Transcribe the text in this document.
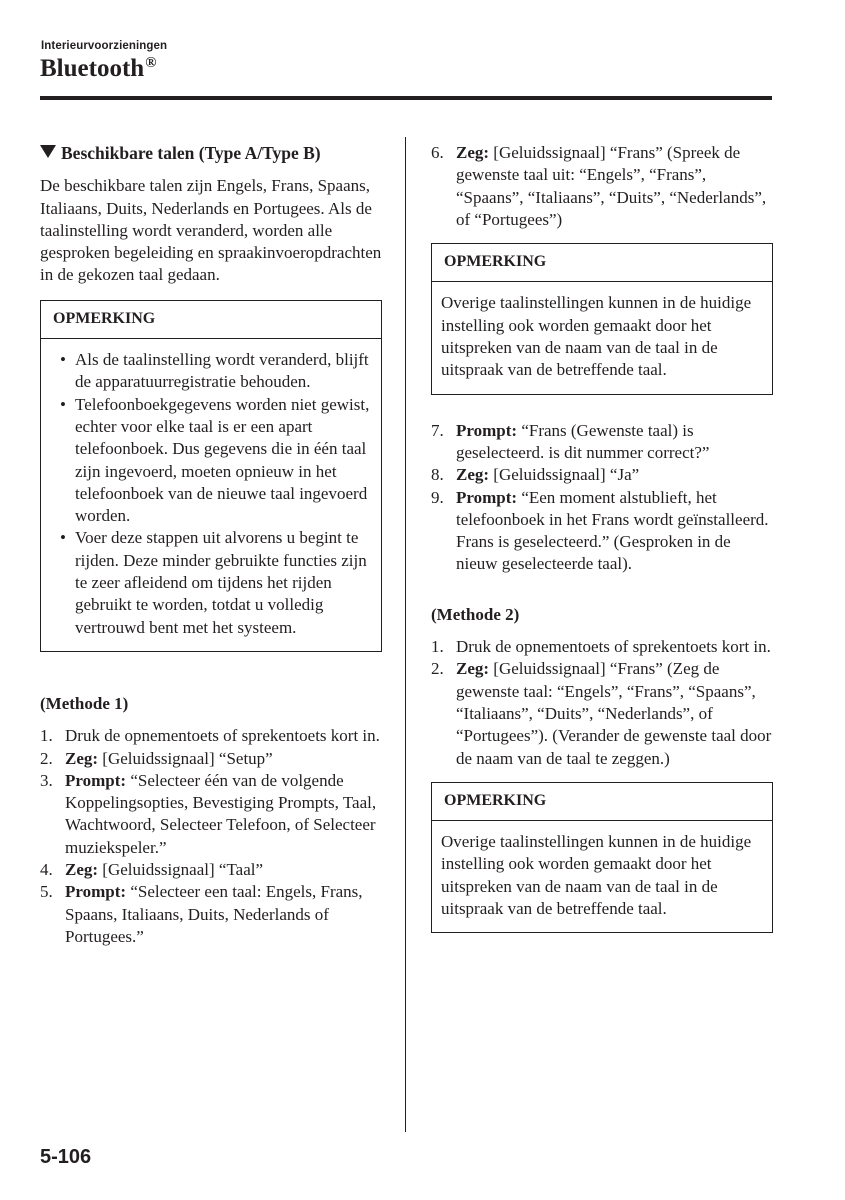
Interieurvoorzieningen
Bluetooth®
Beschikbare talen (Type A/Type B)

De beschikbare talen zijn Engels, Frans, Spaans, Italiaans, Duits, Nederlands en Portugees. Als de taalinstelling wordt veranderd, worden alle gesproken begeleiding en spraakinvoeropdrachten in de gekozen taal gedaan.

OPMERKING
• Als de taalinstelling wordt veranderd, blijft de apparatuurregistratie behouden.
• Telefoonboekgegevens worden niet gewist, echter voor elke taal is er een apart telefoonboek. Dus gegevens die in één taal zijn ingevoerd, moeten opnieuw in het telefoonboek van de nieuwe taal ingevoerd worden.
• Voer deze stappen uit alvorens u begint te rijden. Deze minder gebruikte functies zijn te zeer afleidend om tijdens het rijden gebruikt te worden, totdat u volledig vertrouwd bent met het systeem.
(Methode 1)
1. Druk de opnementoets of sprekentoets kort in.
2. Zeg: [Geluidssignaal] “Setup”
3. Prompt: “Selecteer één van de volgende Koppelingsopties, Bevestiging Prompts, Taal, Wachtwoord, Selecteer Telefoon, of Selecteer muziekspeler.”
4. Zeg: [Geluidssignaal] “Taal”
5. Prompt: “Selecteer een taal: Engels, Frans, Spaans, Italiaans, Duits, Nederlands of Portugees.”
6. Zeg: [Geluidssignaal] “Frans” (Spreek de gewenste taal uit: “Engels”, “Frans”, “Spaans”, “Italiaans”, “Duits”, “Nederlands”, of “Portugees”)
OPMERKING

Overige taalinstellingen kunnen in de huidige instelling ook worden gemaakt door het uitspreken van de naam van de taal in de uitspraak van de betreffende taal.

7. Prompt: “Frans (Gewenste taal) is geselecteerd. is dit nummer correct?”
8. Zeg: [Geluidssignaal] “Ja”
9. Prompt: “Een moment alstublieft, het telefoonboek in het Frans wordt geïnstalleerd. Frans is geselecteerd.” (Gesproken in de nieuw geselecteerde taal).
(Methode 2)
1. Druk de opnementoets of sprekentoets kort in.
2. Zeg: [Geluidssignaal] “Frans” (Zeg de gewenste taal: “Engels”, “Frans”, “Spaans”, “Italiaans”, “Duits”, “Nederlands”, of “Portugees”). (Verander de gewenste taal door de naam van de taal te zeggen.)
OPMERKING

Overige taalinstellingen kunnen in de huidige instelling ook worden gemaakt door het uitspreken van de naam van de taal in de uitspraak van de betreffende taal.

5-106
